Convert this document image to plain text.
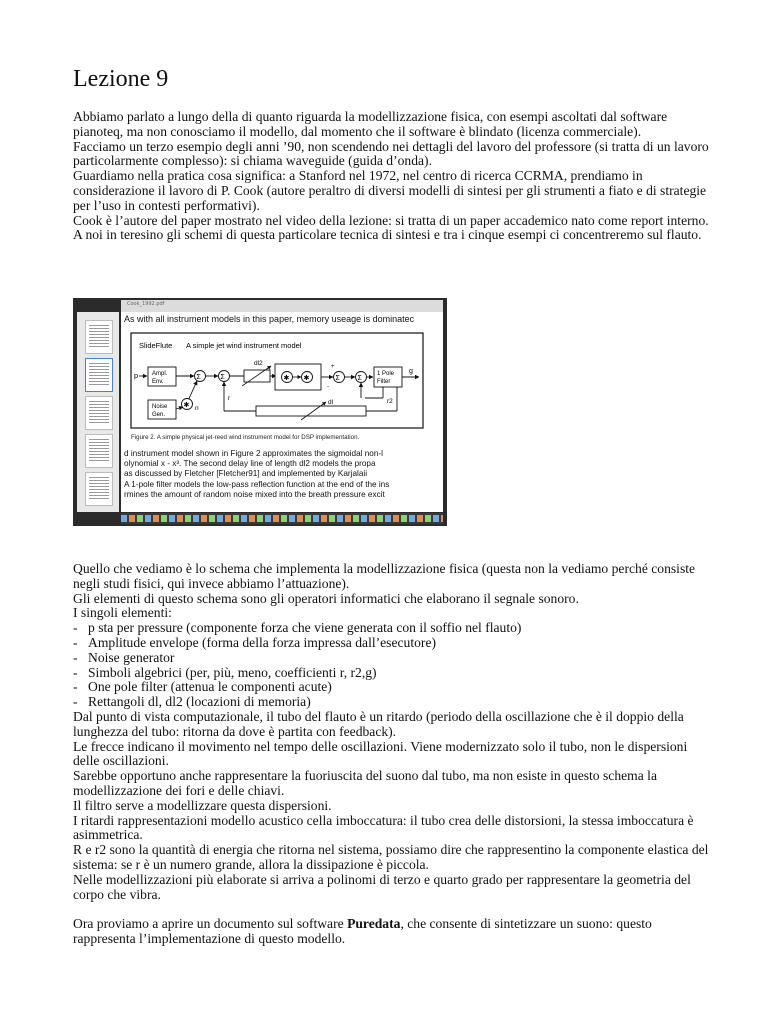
Lezione 9

Abbiamo parlato a lungo della di quanto riguarda la modellizzazione fisica, con esempi ascoltati dal software pianoteq, ma non conosciamo il modello, dal momento che il software è blindato (licenza commerciale).

Facciamo un terzo esempio degli anni ’90, non scendendo nei dettagli del lavoro del professore (si tratta di un lavoro particolarmente complesso): si chiama waveguide (guida d’onda).

Guardiamo nella pratica cosa significa: a Stanford nel 1972, nel centro di ricerca CCRMA, prendiamo in considerazione il lavoro di P. Cook (autore peraltro di diversi modelli di sintesi per gli strumenti a fiato e di strategie per l’uso in contesti performativi).

Cook è l’autore del paper mostrato nel video della lezione: si tratta di un paper accademico nato come report interno. A noi in teresino gli schemi di questa particolare tecnica di sintesi e tra i cinque esempi ci concentreremo sul flauto.

Cook_1992.pdf
As with all instrument models in this paper, memory useage is dominatec
SlideFlute A simple jet wind instrument model
p Ampl.
Env.
Noise
Gen.
✱ n
Σ	Σ
r
dl2
✱ ✱	Σ
+
-
Σ
1 Pole
Filter
g
r2
dl
Figure 2. A simple physical jet-reed wind instrument model for DSP implementation.
d instrument model shown in Figure 2 approximates the sigmoidal non-l
olynomial x - x³. The second delay line of length dl2 models the propa
as discussed by Fletcher [Fletcher91] and implemented by Karjalaii
A 1-pole filter models the low-pass reflection function at the end of the ins
rmines the amount of random noise mixed into the breath pressure excit

Quello che vediamo è lo schema che implementa la modellizzazione fisica (questa non la vediamo perché consiste negli studi fisici, qui invece abbiamo l’attuazione).

Gli elementi di questo schema sono gli operatori informatici che elaborano il segnale sonoro.

I singoli elementi:

- p sta per pressure (componente forza che viene generata con il soffio nel flauto)
- Amplitude envelope (forma della forza impressa dall’esecutore)
- Noise generator
- Simboli algebrici (per, più, meno, coefficienti r, r2,g)
- One pole filter (attenua le componenti acute)
- Rettangoli dl, dl2 (locazioni di memoria)

Dal punto di vista computazionale, il tubo del flauto è un ritardo (periodo della oscillazione che è il doppio della lunghezza del tubo: ritorna da dove è partita con feedback).

Le frecce indicano il movimento nel tempo delle oscillazioni. Viene modernizzato solo il tubo, non le dispersioni delle oscillazioni.

Sarebbe opportuno anche rappresentare la fuoriuscita del suono dal tubo, ma non esiste in questo schema la modellizzazione dei fori e delle chiavi.

Il filtro serve a modellizzare questa dispersioni.

I ritardi rappresentazioni modello acustico cella imboccatura: il tubo crea delle distorsioni, la stessa imboccatura è asimmetrica.

R e r2 sono la quantità di energia che ritorna nel sistema, possiamo dire che rappresentino la componente elastica del sistema: se r è un numero grande, allora la dissipazione è piccola.

Nelle modellizzazioni più elaborate si arriva a polinomi di terzo e quarto grado per rappresentare la geometria del corpo che vibra.

Ora proviamo a aprire un documento sul software Puredata, che consente di sintetizzare un suono: questo rappresenta l’implementazione di questo modello.
